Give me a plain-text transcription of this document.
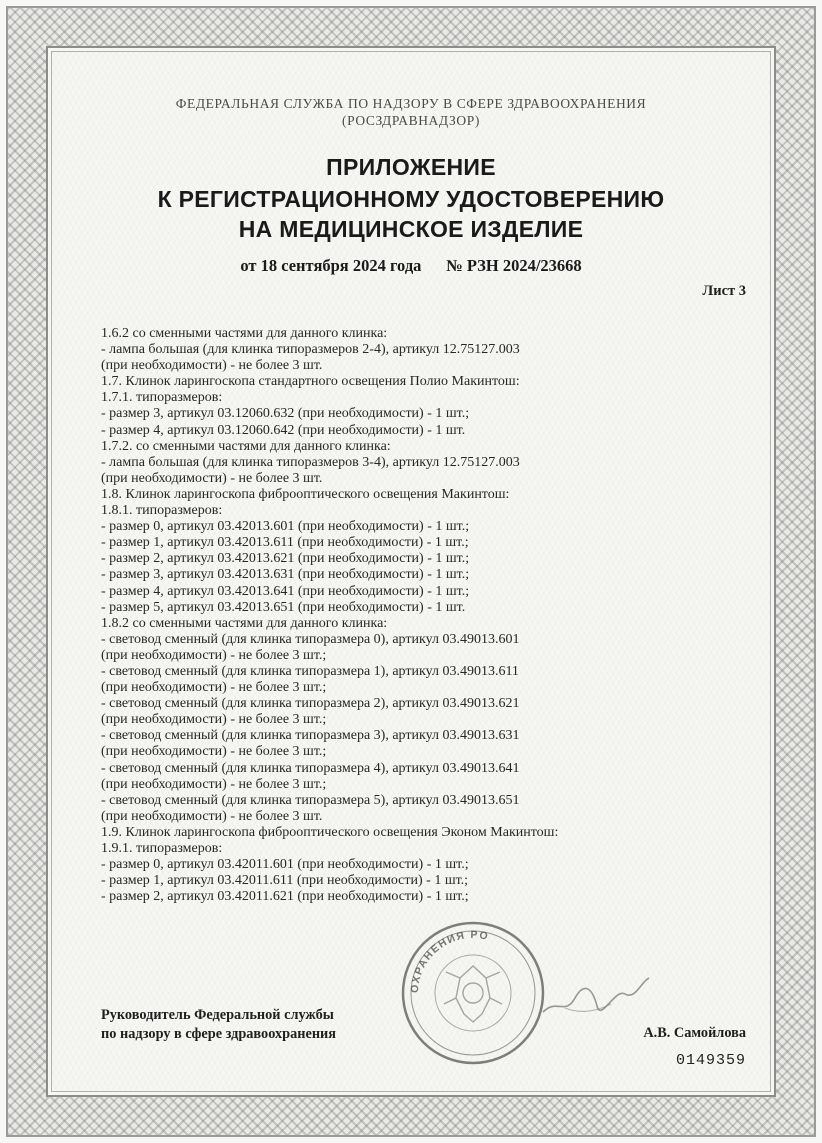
ФЕДЕРАЛЬНАЯ СЛУЖБА ПО НАДЗОРУ В СФЕРЕ ЗДРАВООХРАНЕНИЯ
(РОСЗДРАВНАДЗОР)
ПРИЛОЖЕНИЕ
К РЕГИСТРАЦИОННОМУ УДОСТОВЕРЕНИЮ
НА МЕДИЦИНСКОЕ ИЗДЕЛИЕ
от 18 сентября 2024 года № РЗН 2024/23668
Лист 3
1.6.2 со сменными частями для данного клинка:
- лампа большая (для клинка типоразмеров 2-4), артикул 12.75127.003
(при необходимости) - не более 3 шт.
1.7. Клинок ларингоскопа стандартного освещения Полио Макинтош:
1.7.1. типоразмеров:
- размер 3, артикул 03.12060.632 (при необходимости) - 1 шт.;
- размер 4, артикул 03.12060.642 (при необходимости) - 1 шт.
1.7.2. со сменными частями для данного клинка:
- лампа большая (для клинка типоразмеров 3-4), артикул 12.75127.003
(при необходимости) - не более 3 шт.
1.8. Клинок ларингоскопа фиброоптического освещения Макинтош:
1.8.1. типоразмеров:
- размер 0, артикул 03.42013.601 (при необходимости) - 1 шт.;
- размер 1, артикул 03.42013.611 (при необходимости) - 1 шт.;
- размер 2, артикул 03.42013.621 (при необходимости) - 1 шт.;
- размер 3, артикул 03.42013.631 (при необходимости) - 1 шт.;
- размер 4, артикул 03.42013.641 (при необходимости) - 1 шт.;
- размер 5, артикул 03.42013.651 (при необходимости) - 1 шт.
1.8.2 со сменными частями для данного клинка:
- световод сменный (для клинка типоразмера 0), артикул 03.49013.601
(при необходимости) - не более 3 шт.;
- световод сменный (для клинка типоразмера 1), артикул 03.49013.611
(при необходимости) - не более 3 шт.;
- световод сменный (для клинка типоразмера 2), артикул 03.49013.621
(при необходимости) - не более 3 шт.;
- световод сменный (для клинка типоразмера 3), артикул 03.49013.631
(при необходимости) - не более 3 шт.;
- световод сменный (для клинка типоразмера 4), артикул 03.49013.641
(при необходимости) - не более 3 шт.;
- световод сменный (для клинка типоразмера 5), артикул 03.49013.651
(при необходимости) - не более 3 шт.
1.9. Клинок ларингоскопа фиброоптического освещения Эконом Макинтош:
1.9.1. типоразмеров:
- размер 0, артикул 03.42011.601 (при необходимости) - 1 шт.;
- размер 1, артикул 03.42011.611 (при необходимости) - 1 шт.;
- размер 2, артикул 03.42011.621 (при необходимости) - 1 шт.;
Руководитель Федеральной службы
по надзору в сфере здравоохранения
ОХРАНЕНИЯ РО
А.В. Самойлова
0149359
